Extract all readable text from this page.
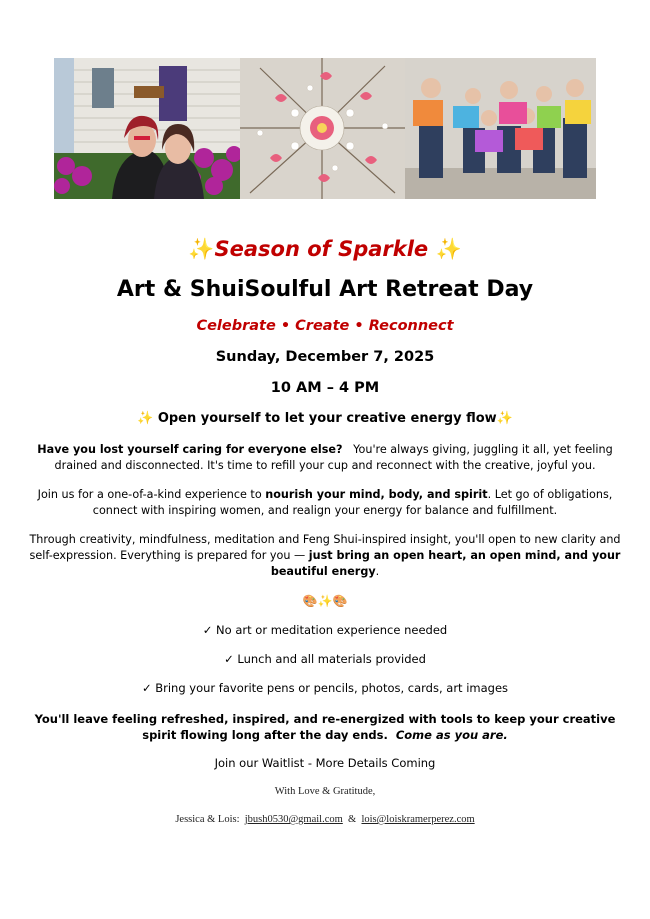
✨Season of Sparkle ✨
Art & ShuiSoulful Art Retreat Day
Celebrate • Create • Reconnect
Sunday, December 7, 2025
10 AM – 4 PM
✨ Open yourself to let your creative energy flow✨
Have you lost yourself caring for everyone else? You're always giving, juggling it all, yet feeling drained and disconnected. It's time to refill your cup and reconnect with the creative, joyful you.
Join us for a one-of-a-kind experience to nourish your mind, body, and spirit. Let go of obligations, connect with inspiring women, and realign your energy for balance and fulfillment.
Through creativity, mindfulness, meditation and Feng Shui-inspired insight, you'll open to new clarity and self-expression. Everything is prepared for you — just bring an open heart, an open mind, and your beautiful energy.
🎨✨🎨
✓ No art or meditation experience needed
✓ Lunch and all materials provided
✓ Bring your favorite pens or pencils, photos, cards, art images
You'll leave feeling refreshed, inspired, and re-energized with tools to keep your creative spirit flowing long after the day ends. Come as you are.
Join our Waitlist - More Details Coming
With Love & Gratitude,
Jessica & Lois: jbush0530@gmail.com & lois@loiskramerperez.com
